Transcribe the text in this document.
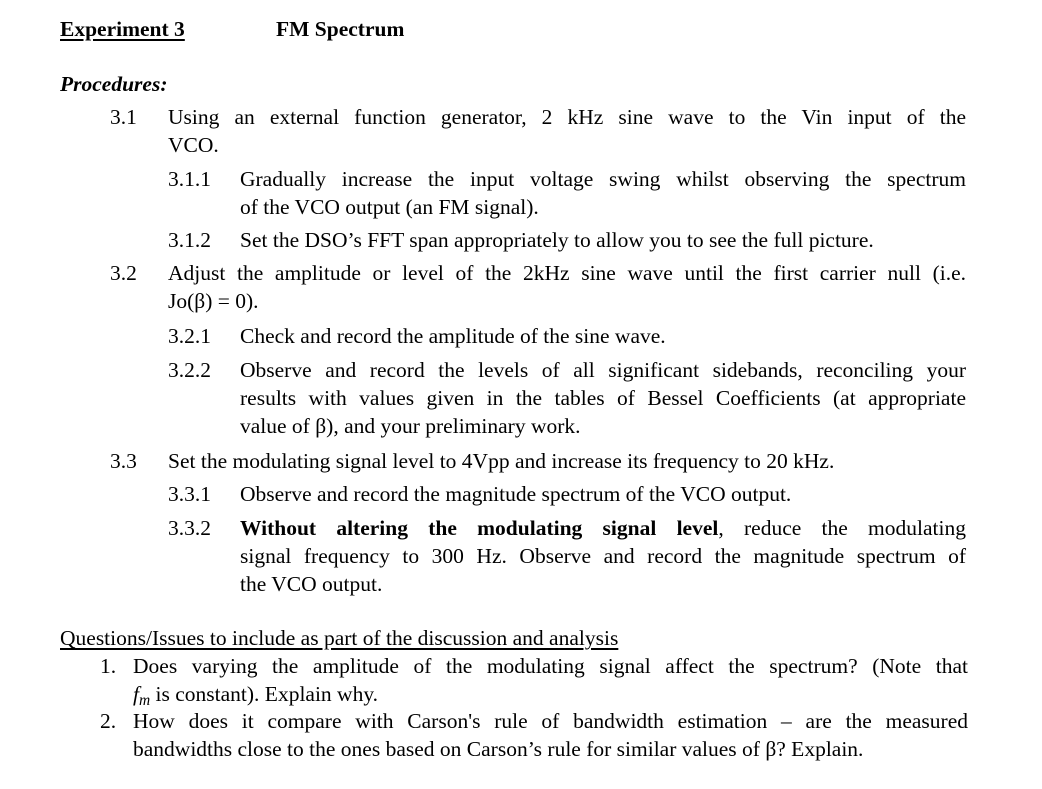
Experiment 3	FM Spectrum
Procedures:
3.1 Using an external function generator, 2 kHz sine wave to the Vin input of the
VCO.
3.1.1 Gradually increase the input voltage swing whilst observing the spectrum
of the VCO output (an FM signal).
3.1.2 Set the DSO’s FFT span appropriately to allow you to see the full picture.
3.2 Adjust the amplitude or level of the 2kHz sine wave until the first carrier null (i.e.
Jo(β) = 0).
3.2.1 Check and record the amplitude of the sine wave.
3.2.2 Observe and record the levels of all significant sidebands, reconciling your
results with values given in the tables of Bessel Coefficients (at appropriate
value of β), and your preliminary work.
3.3 Set the modulating signal level to 4Vpp and increase its frequency to 20 kHz.
3.3.1 Observe and record the magnitude spectrum of the VCO output.
3.3.2 Without altering the modulating signal level, reduce the modulating
signal frequency to 300 Hz. Observe and record the magnitude spectrum of
the VCO output.
Questions/Issues to include as part of the discussion and analysis
1. Does varying the amplitude of the modulating signal affect the spectrum? (Note that
$f_m$ is constant). Explain why.
2. How does it compare with Carson's rule of bandwidth estimation – are the measured
bandwidths close to the ones based on Carson’s rule for similar values of β? Explain.
